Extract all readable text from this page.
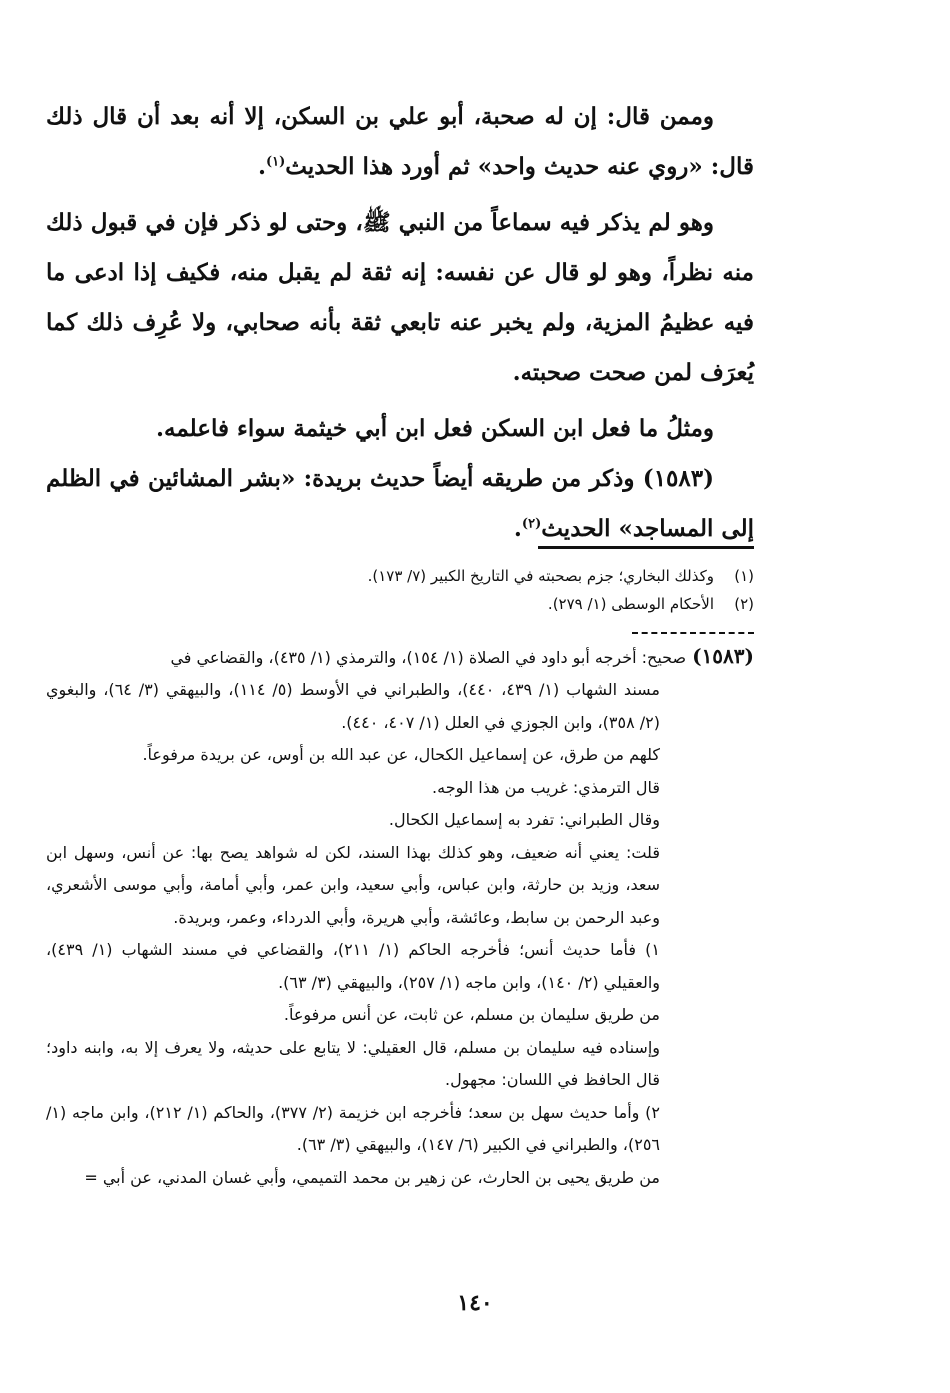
وممن قال: إن له صحبة، أبو علي بن السكن، إلا أنه بعد أن قال ذلك قال: «روي عنه حديث واحد» ثم أورد هذا الحديث$^{(١)}$.

وهو لم يذكر فيه سماعاً من النبي ﷺ، وحتى لو ذكر فإن في قبول ذلك منه نظراً، وهو لو قال عن نفسه: إنه ثقة لم يقبل منه، فكيف إذا ادعى ما فيه عظيمُ المزية، ولم يخبر عنه تابعي ثقة بأنه صحابي، ولا عُرِف ذلك كما يُعرَف لمن صحت صحبته.

ومثلُ ما فعل ابن السكن فعل ابن أبي خيثمة سواء فاعلمه.

(١٥٨٣) وذكر من طريقه أيضاً حديث بريدة: «بشر المشائين في الظلم إلى المساجد» الحديث$^{(٢)}$.

(١)وكذلك البخاري؛ جزم بصحبته في التاريخ الكبير (٧/ ١٧٣).
(٢)الأحكام الوسطى (١/ ٢٧٩).
(١٥٨٣)صحيح: أخرجه أبو داود في الصلاة (١/ ١٥٤)، والترمذي (١/ ٤٣٥)، والقضاعي في
مسند الشهاب (١/ ٤٣٩، ٤٤٠)، والطبراني في الأوسط (٥/ ١١٤)، والبيهقي (٣/ ٦٤)، والبغوي (٢/ ٣٥٨)، وابن الجوزي في العلل (١/ ٤٠٧، ٤٤٠).
كلهم من طرق، عن إسماعيل الكحال، عن عبد الله بن أوس، عن بريدة مرفوعاً.
قال الترمذي: غريب من هذا الوجه.
وقال الطبراني: تفرد به إسماعيل الكحال.
قلت: يعني أنه ضعيف، وهو كذلك بهذا السند، لكن له شواهد يصح بها: عن أنس، وسهل ابن سعد، وزيد بن حارثة، وابن عباس، وأبي سعيد، وابن عمر، وأبي أمامة، وأبي موسى الأشعري، وعبد الرحمن بن سابط، وعائشة، وأبي هريرة، وأبي الدرداء، وعمر، وبريدة.
١) فأما حديث أنس؛ فأخرجه الحاكم (١/ ٢١١)، والقضاعي في مسند الشهاب (١/ ٤٣٩)، والعقيلي (٢/ ١٤٠)، وابن ماجه (١/ ٢٥٧)، والبيهقي (٣/ ٦٣).
من طريق سليمان بن مسلم، عن ثابت، عن أنس مرفوعاً.
وإسناده فيه سليمان بن مسلم، قال العقيلي: لا يتابع على حديثه، ولا يعرف إلا به، وابنه داود؛ قال الحافظ في اللسان: مجهول.
٢) وأما حديث سهل بن سعد؛ فأخرجه ابن خزيمة (٢/ ٣٧٧)، والحاكم (١/ ٢١٢)، وابن ماجه (١/ ٢٥٦)، والطبراني في الكبير (٦/ ١٤٧)، والبيهقي (٣/ ٦٣).
من طريق يحيى بن الحارث، عن زهير بن محمد التميمي، وأبي غسان المدني، عن أبي =
١٤٠
